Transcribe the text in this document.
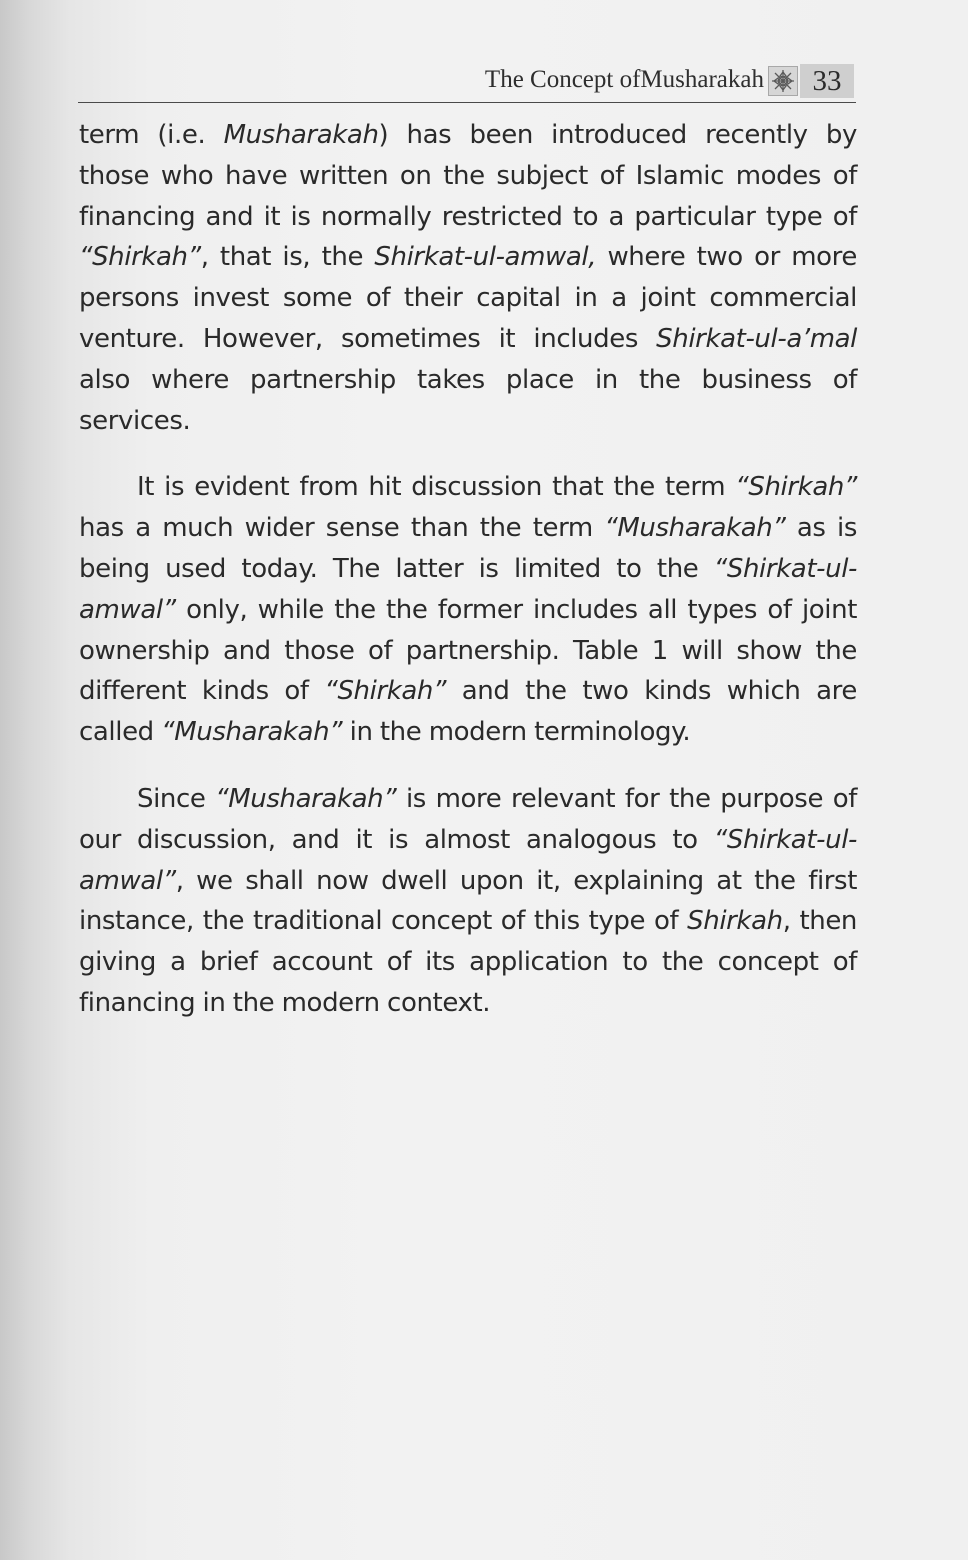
The Concept ofMusharakah	33

term (i.e. Musharakah) has been introduced recently by those who have written on the subject of Islamic modes of financing and it is normally restricted to a particular type of “Shirkah”, that is, the Shirkat-ul-amwal, where two or more persons invest some of their capital in a joint commercial venture. However, sometimes it includes Shirkat-ul-a’mal also where partnership takes place in the business of services.

It is evident from hit discussion that the term “Shirkah” has a much wider sense than the term “Musharakah” as is being used today. The latter is limited to the “Shirkat-ul-amwal” only, while the the former includes all types of joint ownership and those of partnership. Table 1 will show the different kinds of “Shirkah” and the two kinds which are called “Musharakah” in the modern terminology.

Since “Musharakah” is more relevant for the purpose of our discussion, and it is almost analogous to “Shirkat-ul-amwal”, we shall now dwell upon it, explaining at the first instance, the traditional concept of this type of Shirkah, then giving a brief account of its application to the concept of financing in the modern context.
